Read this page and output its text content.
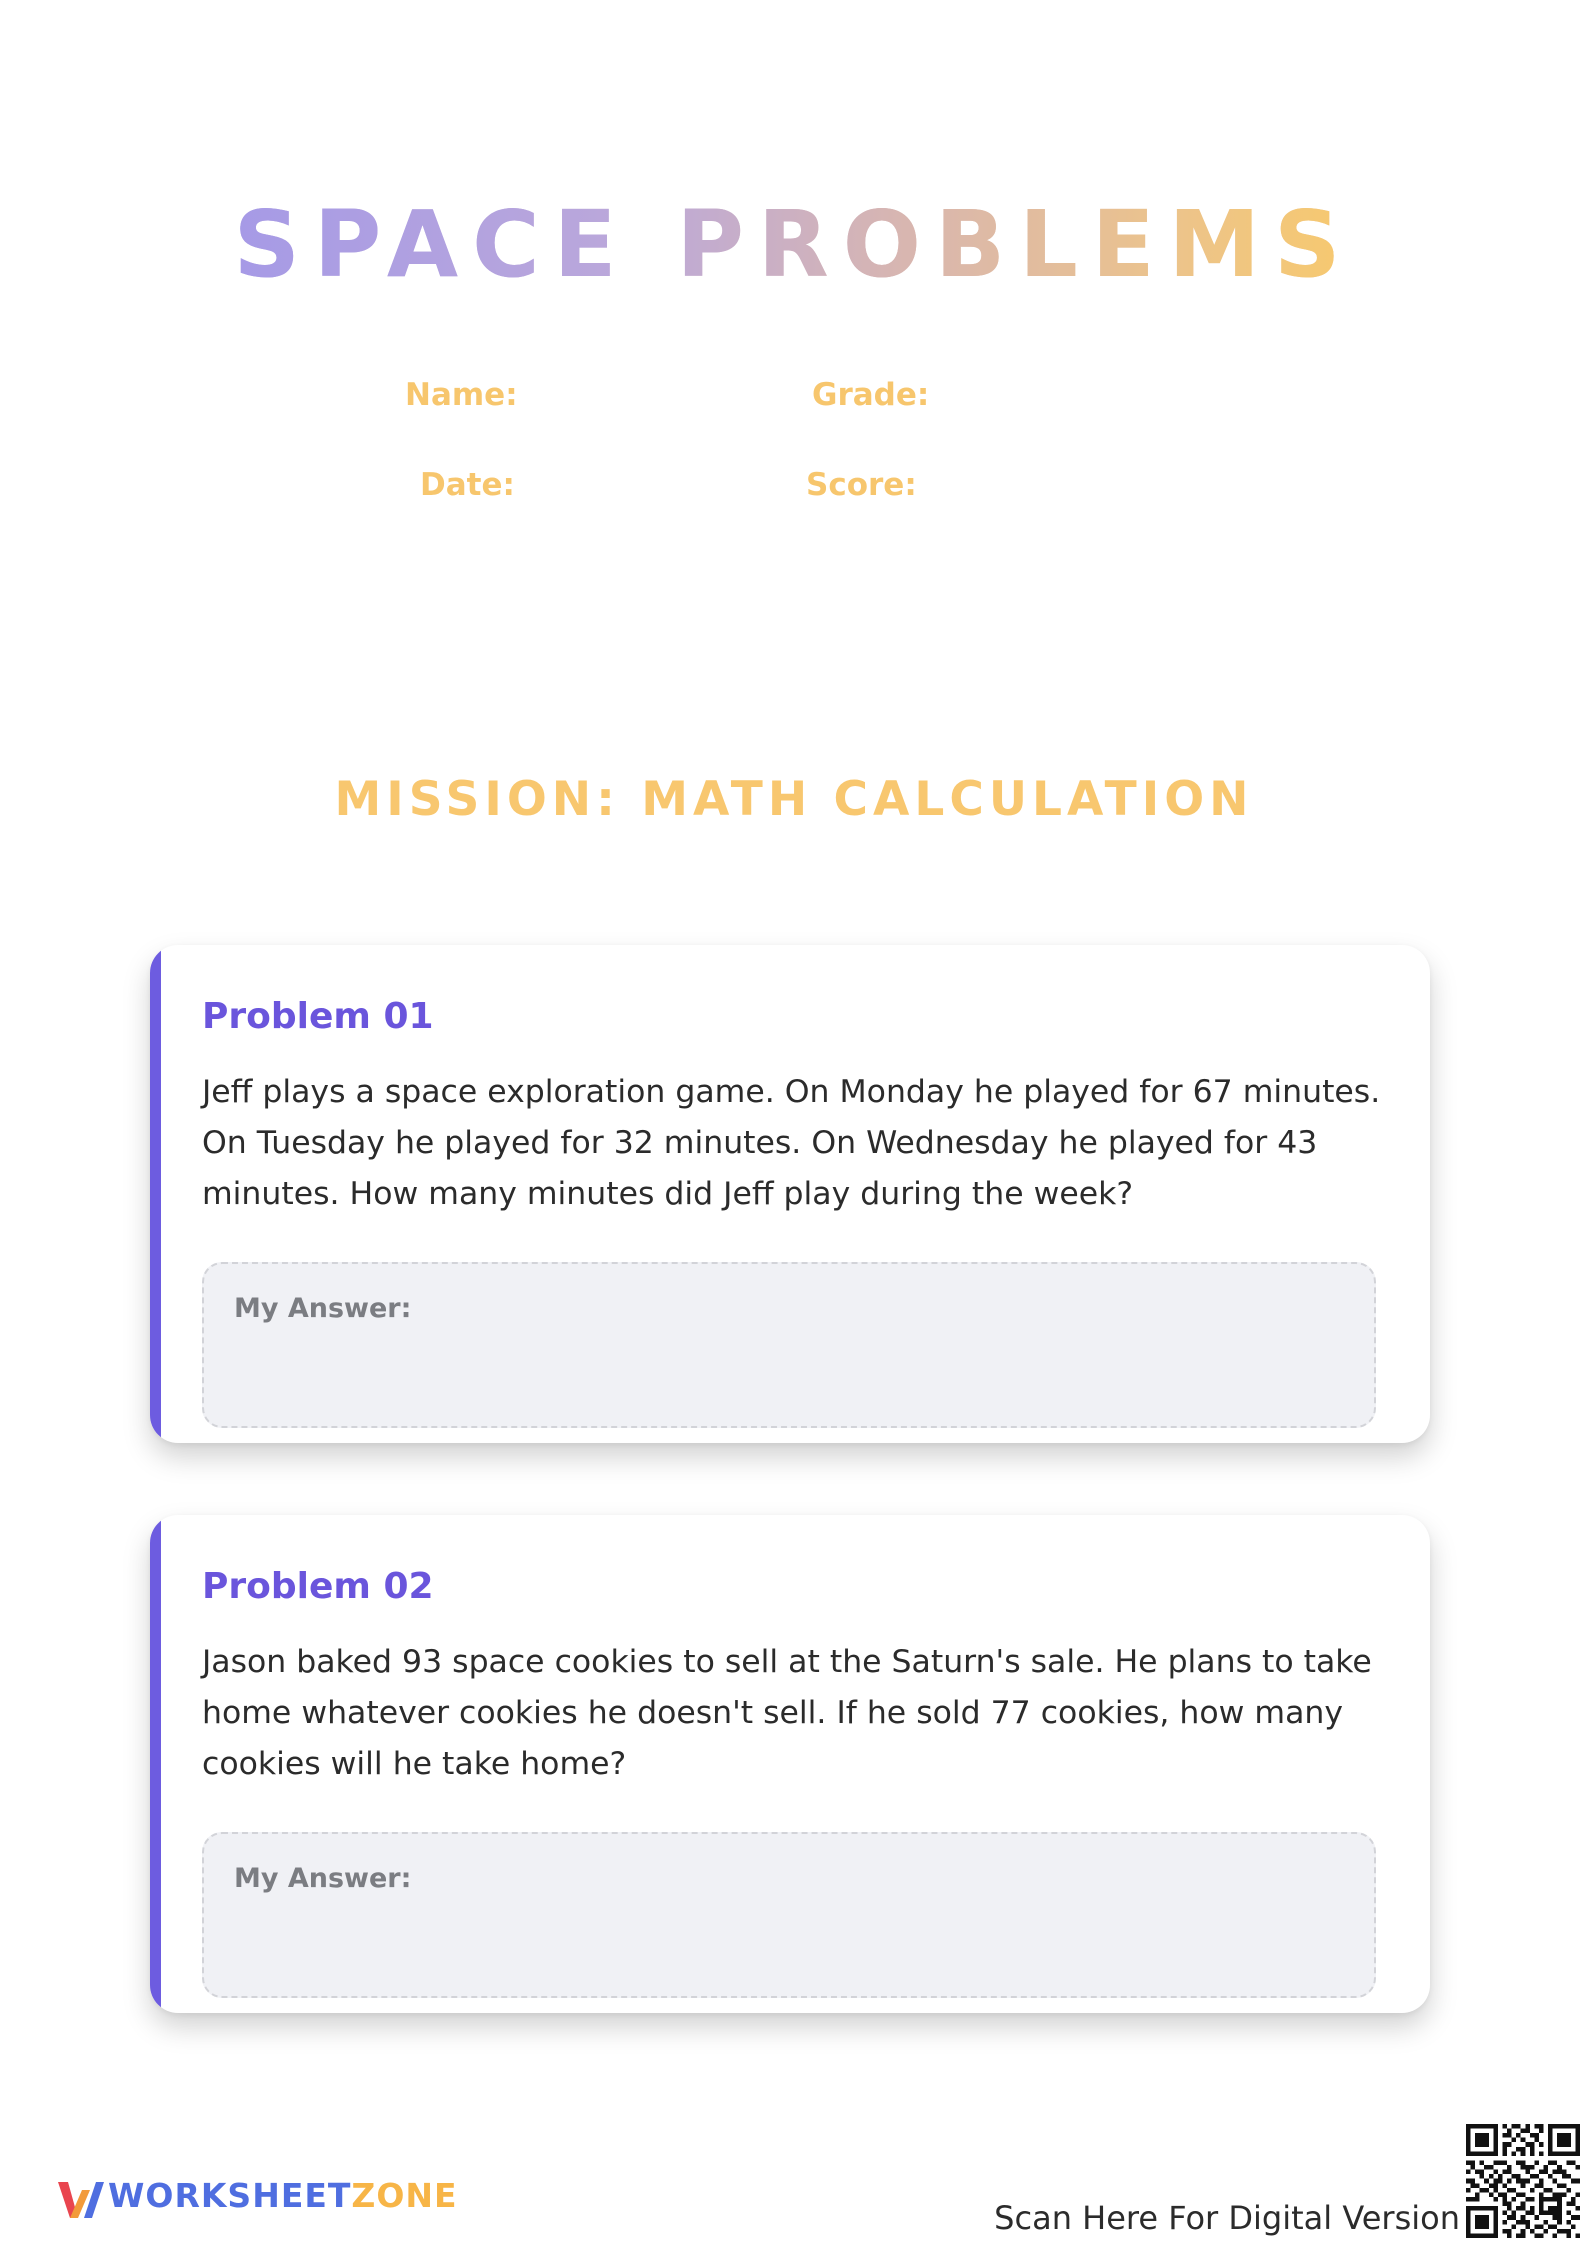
SPACE PROBLEMS
Name:	Grade:
Date:	Score:
MISSION: MATH CALCULATION
Problem 01
Jeff plays a space exploration game. On Monday he played for 67 minutes. On Tuesday he played for 32 minutes. On Wednesday he played for 43 minutes. How many minutes did Jeff play during the week?
My Answer:
Problem 02
Jason baked 93 space cookies to sell at the Saturn's sale. He plans to take home whatever cookies he doesn't sell. If he sold 77 cookies, how many cookies will he take home?
My Answer:
WORKSHEETZONE
Scan Here For Digital Version
